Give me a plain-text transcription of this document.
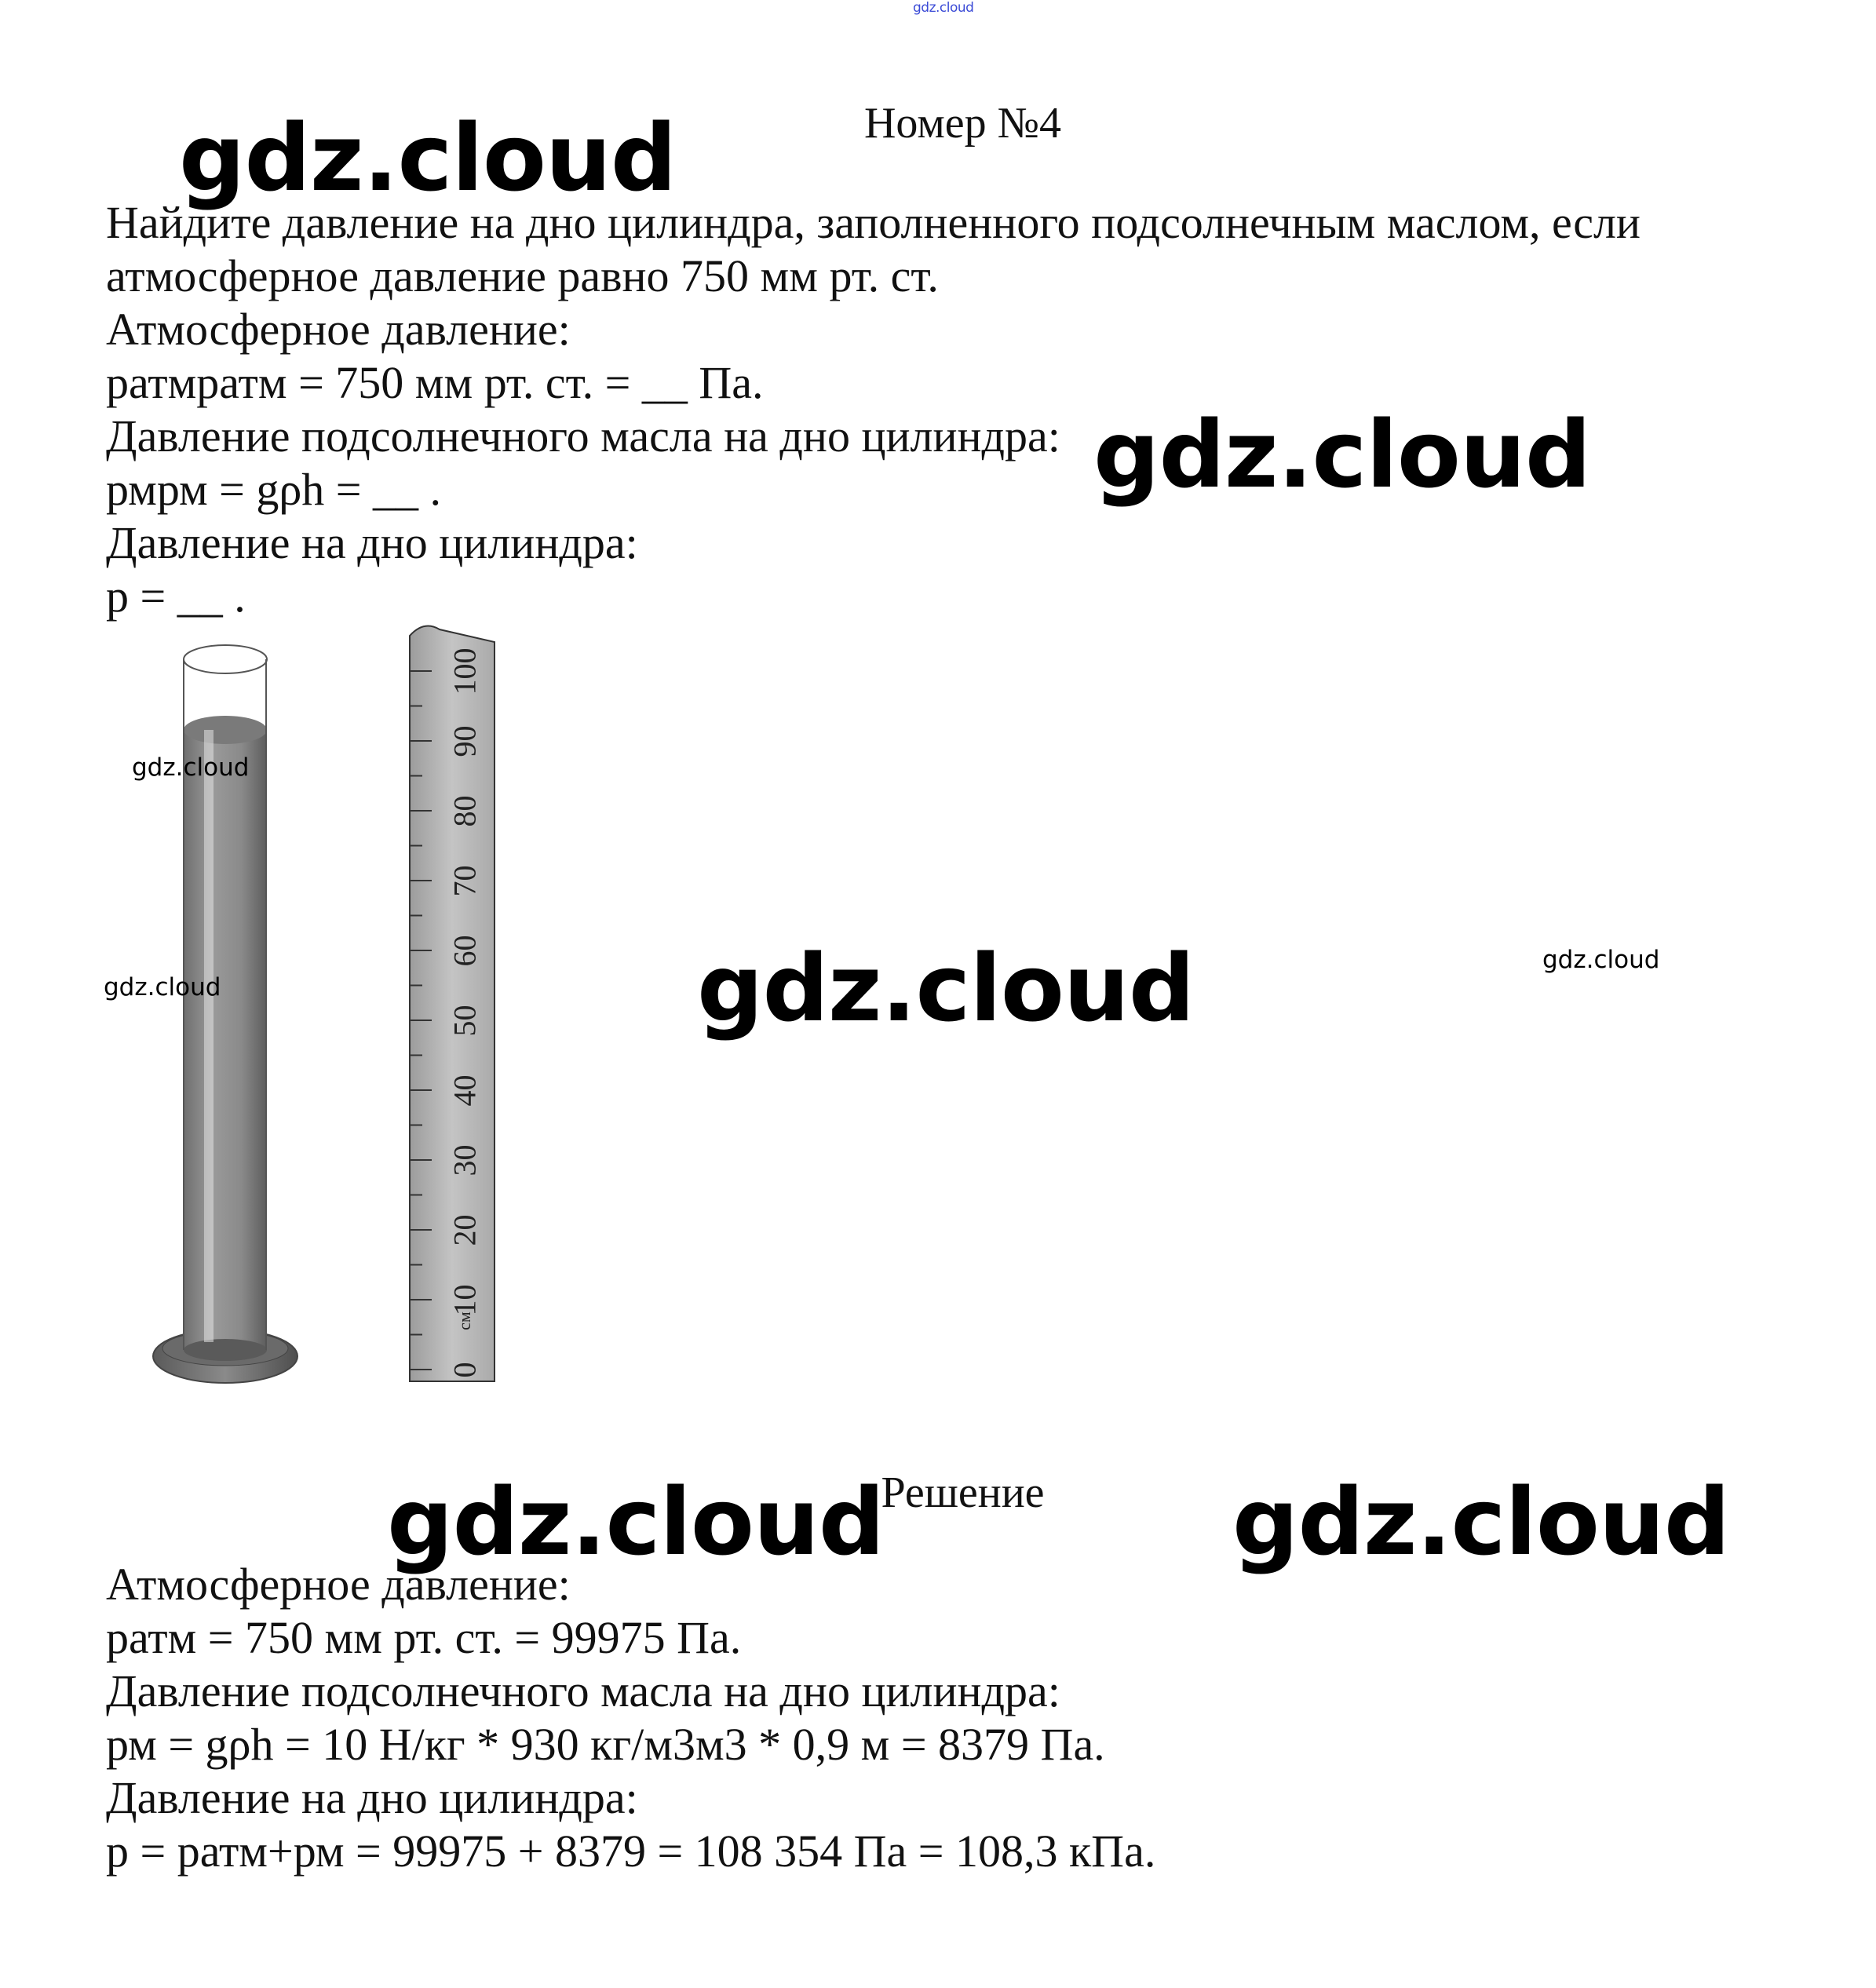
gdz.cloud
Номер №4
Найдите давление на дно цилиндра, заполненного подсолнечным маслом, если
атмосферное давление равно 750 мм рт. ст.
Атмосферное давление:
ратмратм = 750 мм рт. ст. = __ Па.
Давление подсолнечного масла на дно цилиндра:
рмрм = gρh = __ .
Давление на дно цилиндра:
р = __ .
0
10
20
30
40
50
60
70
80
90
100
см
Решение
Атмосферное давление:
ратм = 750 мм рт. ст. = 99975 Па.
Давление подсолнечного масла на дно цилиндра:
рм = gρh = 10 Н/кг * 930 кг/м3м3 * 0,9 м = 8379 Па.
Давление на дно цилиндра:
р = ратм+рм = 99975 + 8379 = 108 354 Па = 108,3 кПа.
gdz.cloud
gdz.cloud
gdz.cloud
gdz.cloud	gdz.cloud
gdz.cloud
gdz.cloud
gdz.cloud
